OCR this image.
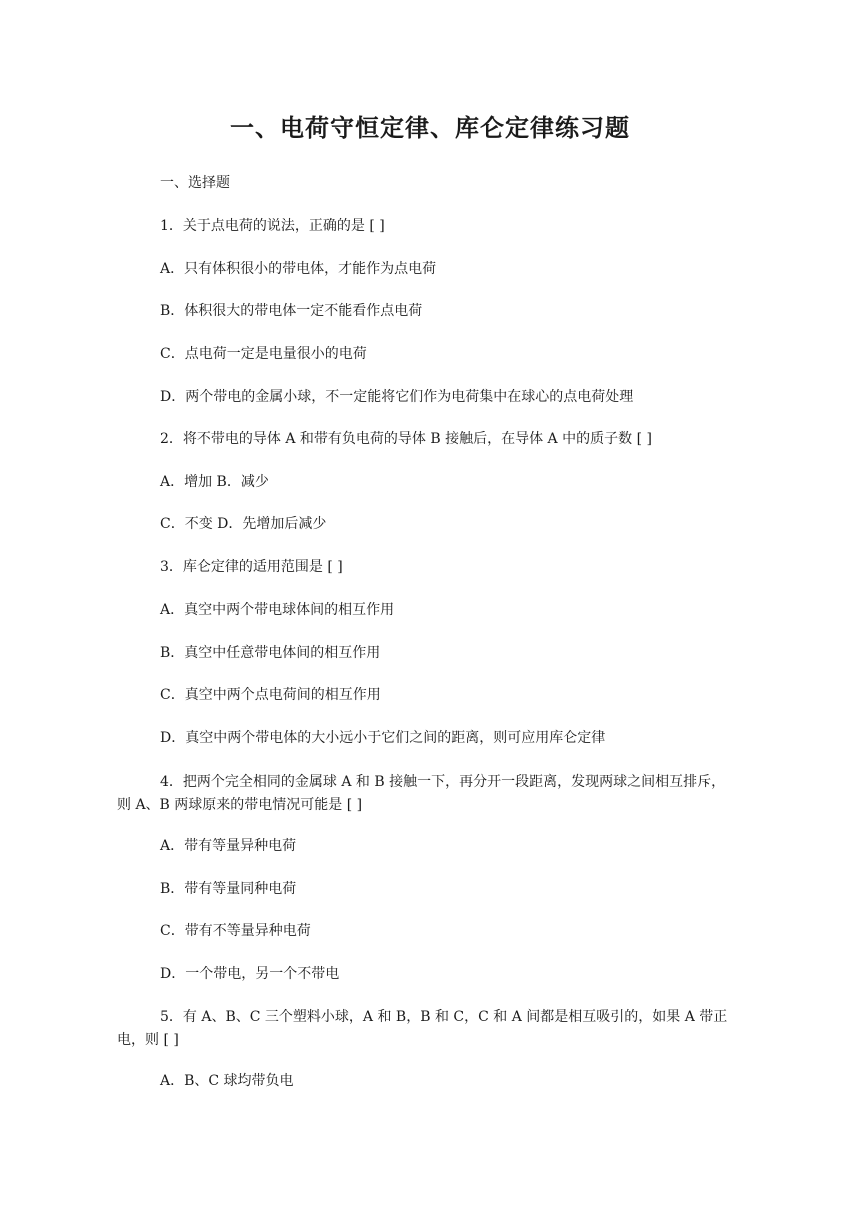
一、电荷守恒定律、库仑定律练习题
一、选择题
1．关于点电荷的说法，正确的是 [ ]
A．只有体积很小的带电体，才能作为点电荷
B．体积很大的带电体一定不能看作点电荷
C．点电荷一定是电量很小的电荷
D．两个带电的金属小球，不一定能将它们作为电荷集中在球心的点电荷处理
2．将不带电的导体 A 和带有负电荷的导体 B 接触后，在导体 A 中的质子数 [ ]
A．增加 B．减少
C．不变 D．先增加后减少
3．库仑定律的适用范围是 [ ]
A．真空中两个带电球体间的相互作用
B．真空中任意带电体间的相互作用
C．真空中两个点电荷间的相互作用
D．真空中两个带电体的大小远小于它们之间的距离，则可应用库仑定律
4．把两个完全相同的金属球 A 和 B 接触一下，再分开一段距离，发现两球之间相互排斥，则 A、B 两球原来的带电情况可能是 [ ]
A．带有等量异种电荷
B．带有等量同种电荷
C．带有不等量异种电荷
D．一个带电，另一个不带电
5．有 A、B、C 三个塑料小球，A 和 B，B 和 C，C 和 A 间都是相互吸引的，如果 A 带正电，则 [ ]
A．B、C 球均带负电
